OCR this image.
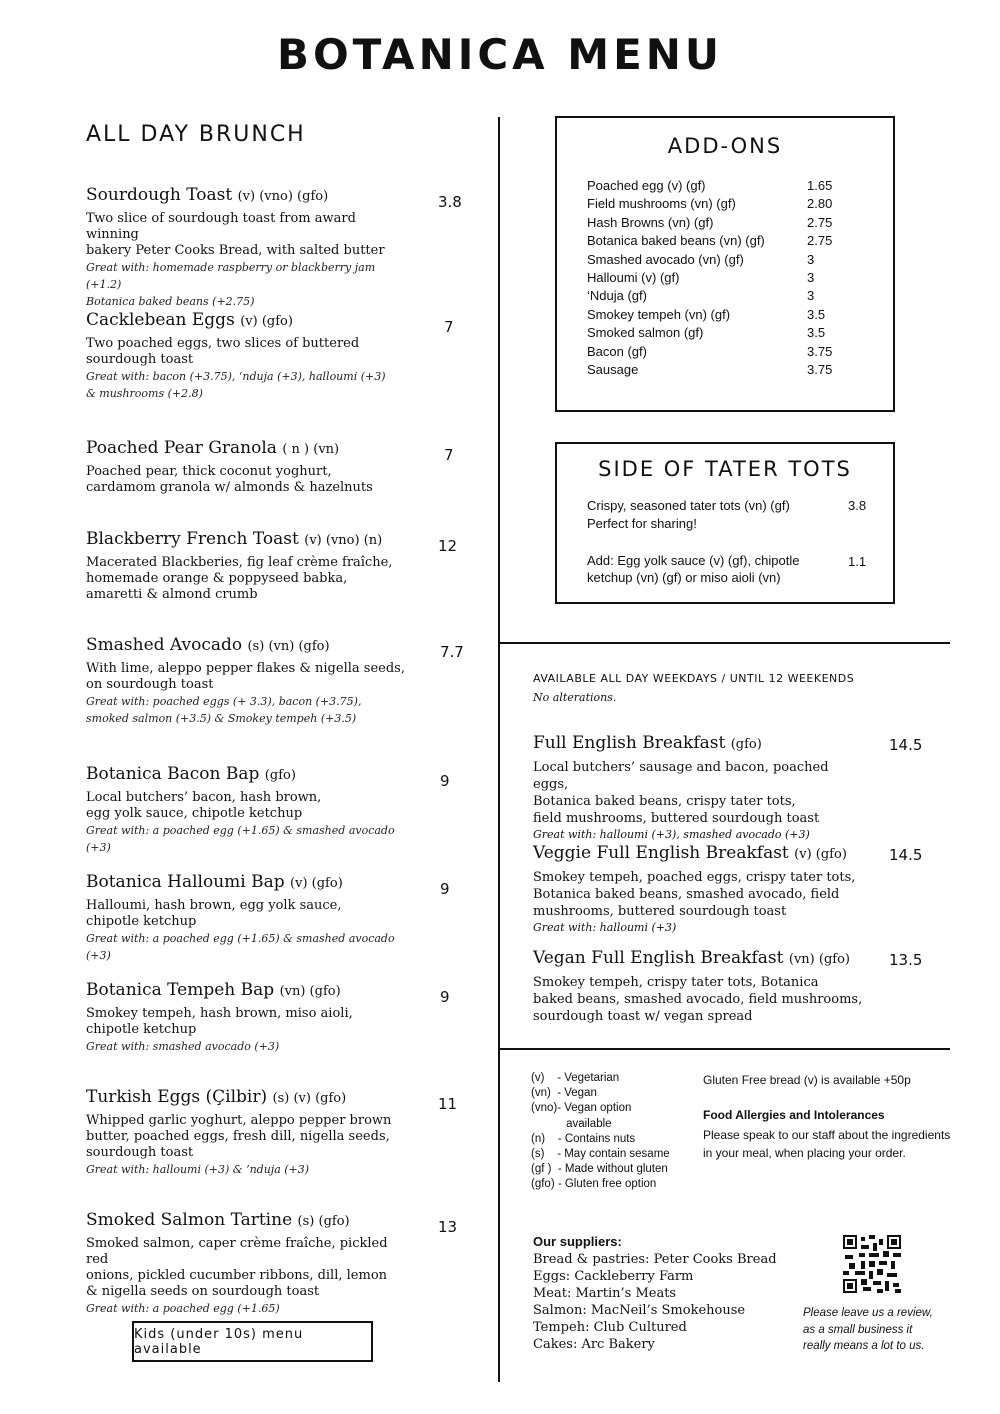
BOTANICA MENU
ALL DAY BRUNCH
Sourdough Toast (v) (vno) (gfo)
Two slice of sourdough toast from award winning
bakery Peter Cooks Bread, with salted butter
Great with: homemade raspberry or blackberry jam (+1.2)
Botanica baked beans (+2.75)
3.8
Cacklebean Eggs (v) (gfo)
Two poached eggs, two slices of buttered
sourdough toast
Great with: bacon (+3.75), ‘nduja (+3), halloumi (+3)
& mushrooms (+2.8)
7
Poached Pear Granola ( n ) (vn)
Poached pear, thick coconut yoghurt,
cardamom granola w/ almonds & hazelnuts
7
Blackberry French Toast (v) (vno) (n)
Macerated Blackberies, fig leaf crème fraîche,
homemade orange & poppyseed babka,
amaretti & almond crumb
12
Smashed Avocado (s) (vn) (gfo)
With lime, aleppo pepper flakes & nigella seeds,
on sourdough toast
Great with: poached eggs (+ 3.3), bacon (+3.75),
smoked salmon (+3.5) & Smokey tempeh (+3.5)
7.7
Botanica Bacon Bap (gfo)
Local butchers’ bacon, hash brown,
egg yolk sauce, chipotle ketchup
Great with: a poached egg (+1.65) & smashed avocado (+3)
9
Botanica Halloumi Bap (v) (gfo)
Halloumi, hash brown, egg yolk sauce,
chipotle ketchup
Great with: a poached egg (+1.65) & smashed avocado (+3)
9
Botanica Tempeh Bap (vn) (gfo)
Smokey tempeh, hash brown, miso aioli,
chipotle ketchup
Great with: smashed avocado (+3)
9
Turkish Eggs (Çilbir) (s) (v) (gfo)
Whipped garlic yoghurt, aleppo pepper brown
butter, poached eggs, fresh dill, nigella seeds,
sourdough toast
Great with: halloumi (+3) & ’nduja (+3)
11
Smoked Salmon Tartine (s) (gfo)
Smoked salmon, caper crème fraîche, pickled red
onions, pickled cucumber ribbons, dill, lemon
& nigella seeds on sourdough toast
Great with: a poached egg (+1.65)
13
Kids (under 10s) menu available
ADD-ONS
Poached egg (v) (gf)	1.65
Field mushrooms (vn) (gf)	2.80
Hash Browns (vn) (gf)	2.75
Botanica baked beans (vn) (gf)	2.75
Smashed avocado (vn) (gf)	3
Halloumi (v) (gf)	3
‘Nduja (gf)	3
Smokey tempeh (vn) (gf)	3.5
Smoked salmon (gf)	3.5
Bacon (gf)	3.75
Sausage	3.75
SIDE OF TATER TOTS
Crispy, seasoned tater tots (vn) (gf)
Perfect for sharing!
3.8
Add: Egg yolk sauce (v) (gf), chipotle
ketchup (vn) (gf) or miso aioli (vn)
1.1
AVAILABLE ALL DAY WEEKDAYS / UNTIL 12 WEEKENDS
No alterations.
Full English Breakfast (gfo)
Local butchers’ sausage and bacon, poached eggs,
Botanica baked beans, crispy tater tots,
field mushrooms, buttered sourdough toast
Great with: halloumi (+3), smashed avocado (+3)
14.5
Veggie Full English Breakfast (v) (gfo)
Smokey tempeh, poached eggs, crispy tater tots,
Botanica baked beans, smashed avocado, field
mushrooms, buttered sourdough toast
Great with: halloumi (+3)
14.5
Vegan Full English Breakfast (vn) (gfo)
Smokey tempeh, crispy tater tots, Botanica
baked beans, smashed avocado, field mushrooms,
sourdough toast w/ vegan spread
13.5
(v)    - Vegetarian
(vn)  - Vegan
(vno)- Vegan option
available
(n)    - Contains nuts
(s)    - May contain sesame
(gf )  - Made without gluten
(gfo) - Gluten free option
Gluten Free bread (v) is available +50p
Food Allergies and Intolerances
Please speak to our staff about the ingredients
in your meal, when placing your order.
Our suppliers:
Bread & pastries: Peter Cooks Bread
Eggs: Cackleberry Farm
Meat: Martin’s Meats
Salmon: MacNeil’s Smokehouse
Tempeh: Club Cultured
Cakes: Arc Bakery
Please leave us a review,
as a small business it
really means a lot to us.
